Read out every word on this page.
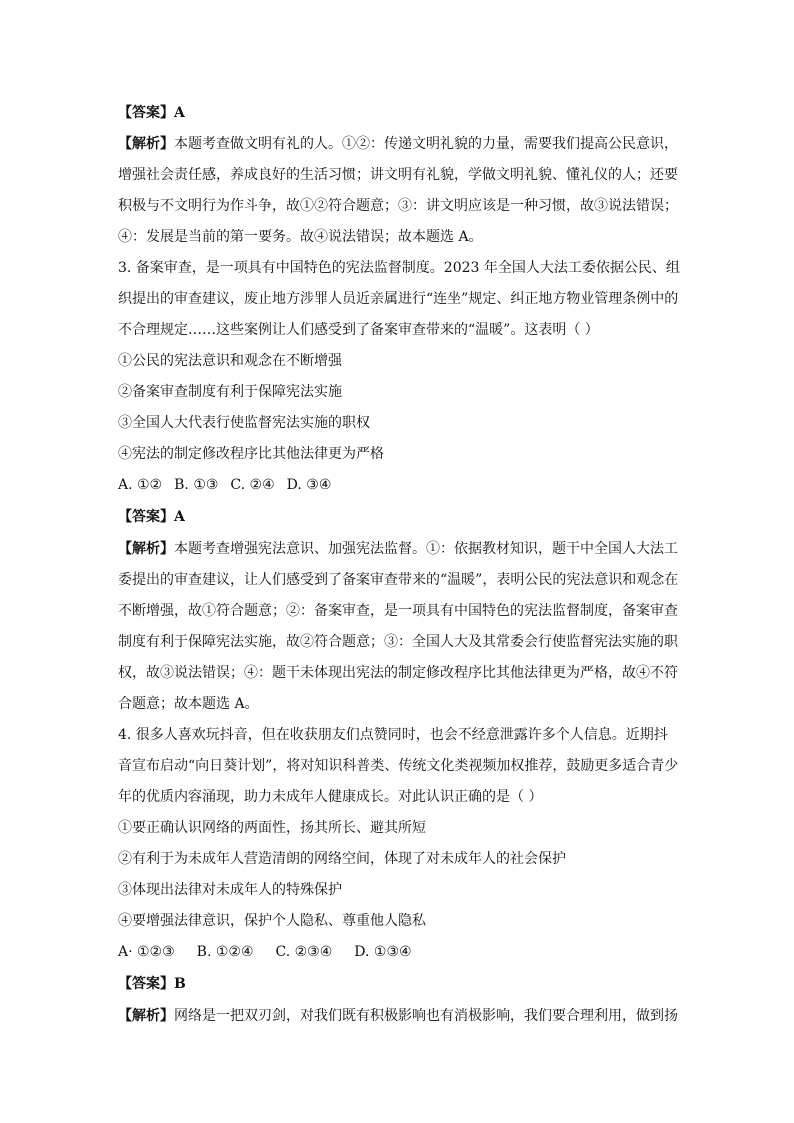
【答案】A
【解析】本题考查做文明有礼的人。①②：传递文明礼貌的力量，需要我们提高公民意识，
增强社会责任感，养成良好的生活习惯；讲文明有礼貌，学做文明礼貌、懂礼仪的人；还要
积极与不文明行为作斗争，故①②符合题意；③：讲文明应该是一种习惯，故③说法错误；
④：发展是当前的第一要务。故④说法错误；故本题选 A。
3. 备案审查，是一项具有中国特色的宪法监督制度。2023 年全国人大法工委依据公民、组
织提出的审查建议，废止地方涉罪人员近亲属进行“连坐”规定、纠正地方物业管理条例中的
不合理规定……这些案例让人们感受到了备案审查带来的“温暖”。这表明（ ）
①公民的宪法意识和观念在不断增强
②备案审查制度有利于保障宪法实施
③全国人大代表行使监督宪法实施的职权
④宪法的制定修改程序比其他法律更为严格
A. ①② B. ①③ C. ②④ D. ③④
【答案】A
【解析】本题考查增强宪法意识、加强宪法监督。①：依据教材知识，题干中全国人大法工
委提出的审查建议，让人们感受到了备案审查带来的“温暖”，表明公民的宪法意识和观念在
不断增强，故①符合题意；②：备案审查，是一项具有中国特色的宪法监督制度，备案审查
制度有利于保障宪法实施，故②符合题意；③：全国人大及其常委会行使监督宪法实施的职
权，故③说法错误；④：题干未体现出宪法的制定修改程序比其他法律更为严格，故④不符
合题意；故本题选 A。
4. 很多人喜欢玩抖音，但在收获朋友们点赞同时，也会不经意泄露许多个人信息。近期抖
音宣布启动“向日葵计划”，将对知识科普类、传统文化类视频加权推荐，鼓励更多适合青少
年的优质内容涌现，助力未成年人健康成长。对此认识正确的是（ ）
①要正确认识网络的两面性，扬其所长、避其所短
②有利于为未成年人营造清朗的网络空间，体现了对未成年人的社会保护
③体现出法律对未成年人的特殊保护
④要增强法律意识，保护个人隐私、尊重他人隐私
A· ①②③ B. ①②④ C. ②③④ D. ①③④
【答案】B
【解析】网络是一把双刃剑，对我们既有积极影响也有消极影响，我们要合理利用，做到扬
